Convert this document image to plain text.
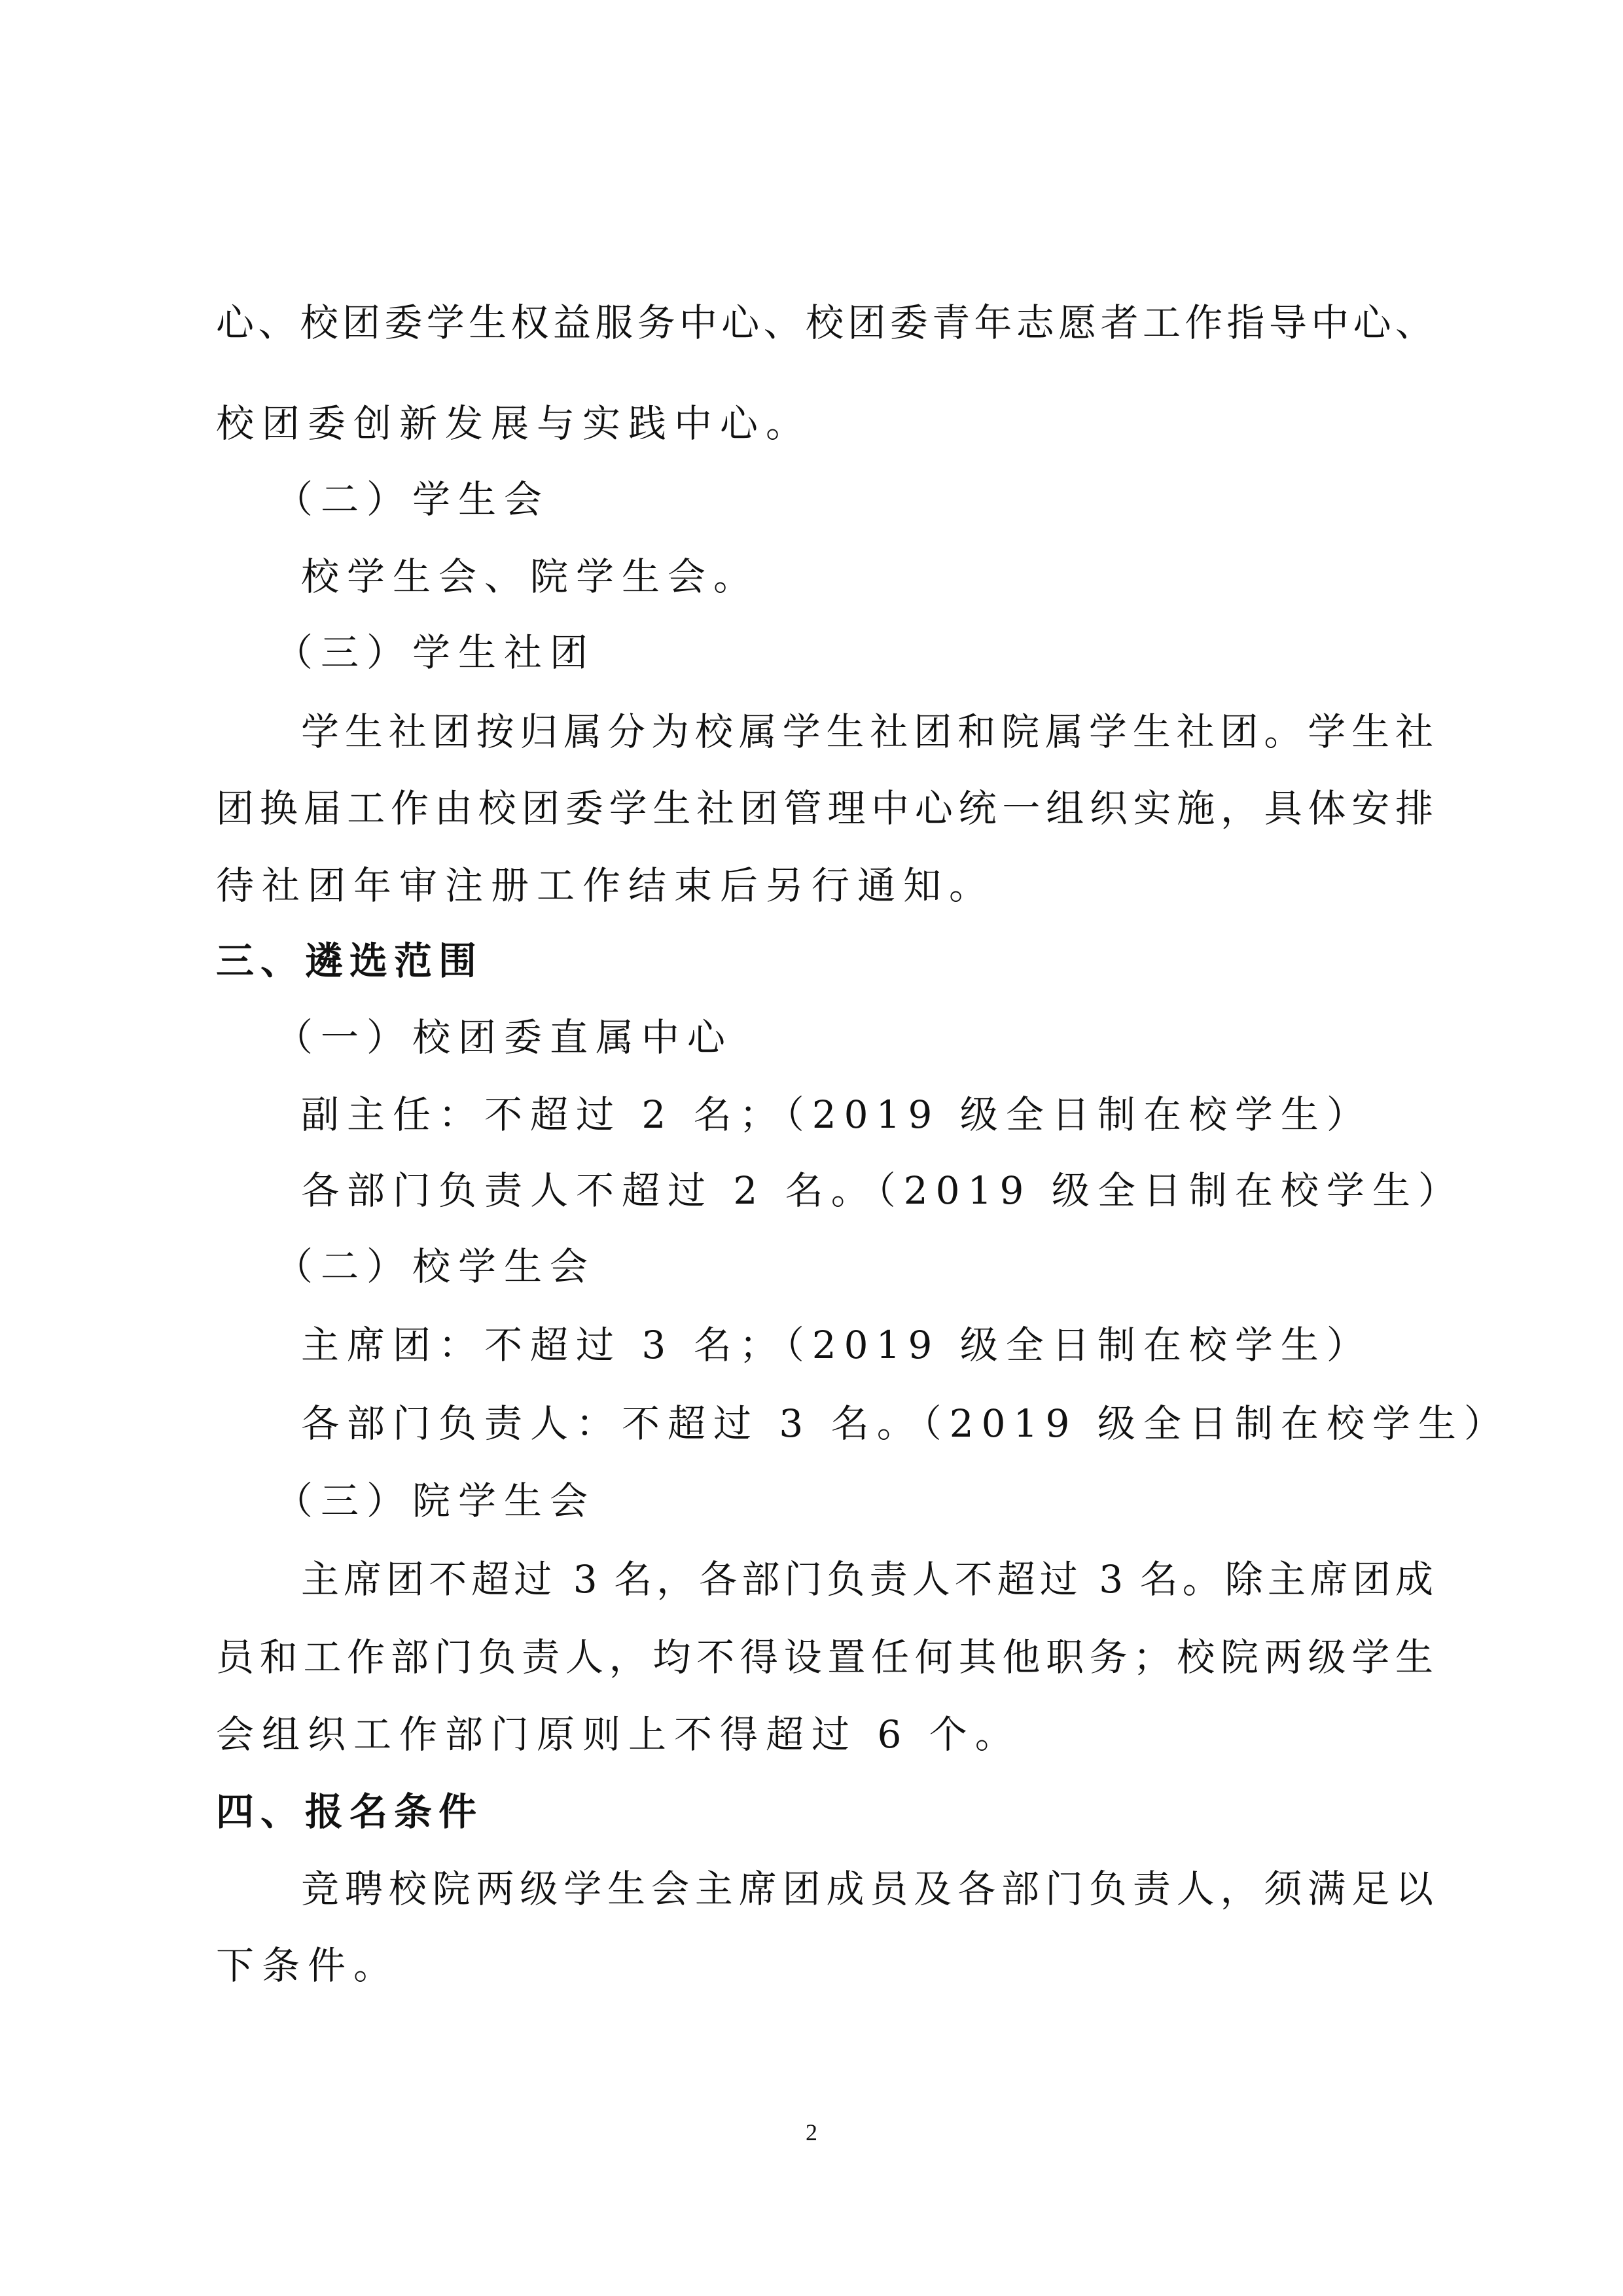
心、校团委学生权益服务中心、校团委青年志愿者工作指导中心、
校团委创新发展与实践中心。
（二）学生会
校学生会、院学生会。
（三）学生社团
学生社团按归属分为校属学生社团和院属学生社团。学生社
团换届工作由校团委学生社团管理中心统一组织实施，具体安排
待社团年审注册工作结束后另行通知。
三、遴选范围
（一）校团委直属中心
副主任：不超过 2 名；（2019 级全日制在校学生）
各部门负责人不超过 2 名。（2019 级全日制在校学生）
（二）校学生会
主席团：不超过 3 名；（2019 级全日制在校学生）
各部门负责人：不超过 3 名。（2019 级全日制在校学生）
（三）院学生会
主席团不超过 3 名，各部门负责人不超过 3 名。除主席团成
员和工作部门负责人，均不得设置任何其他职务；校院两级学生
会组织工作部门原则上不得超过 6 个。
四、报名条件
竞聘校院两级学生会主席团成员及各部门负责人，须满足以
下条件。
2
